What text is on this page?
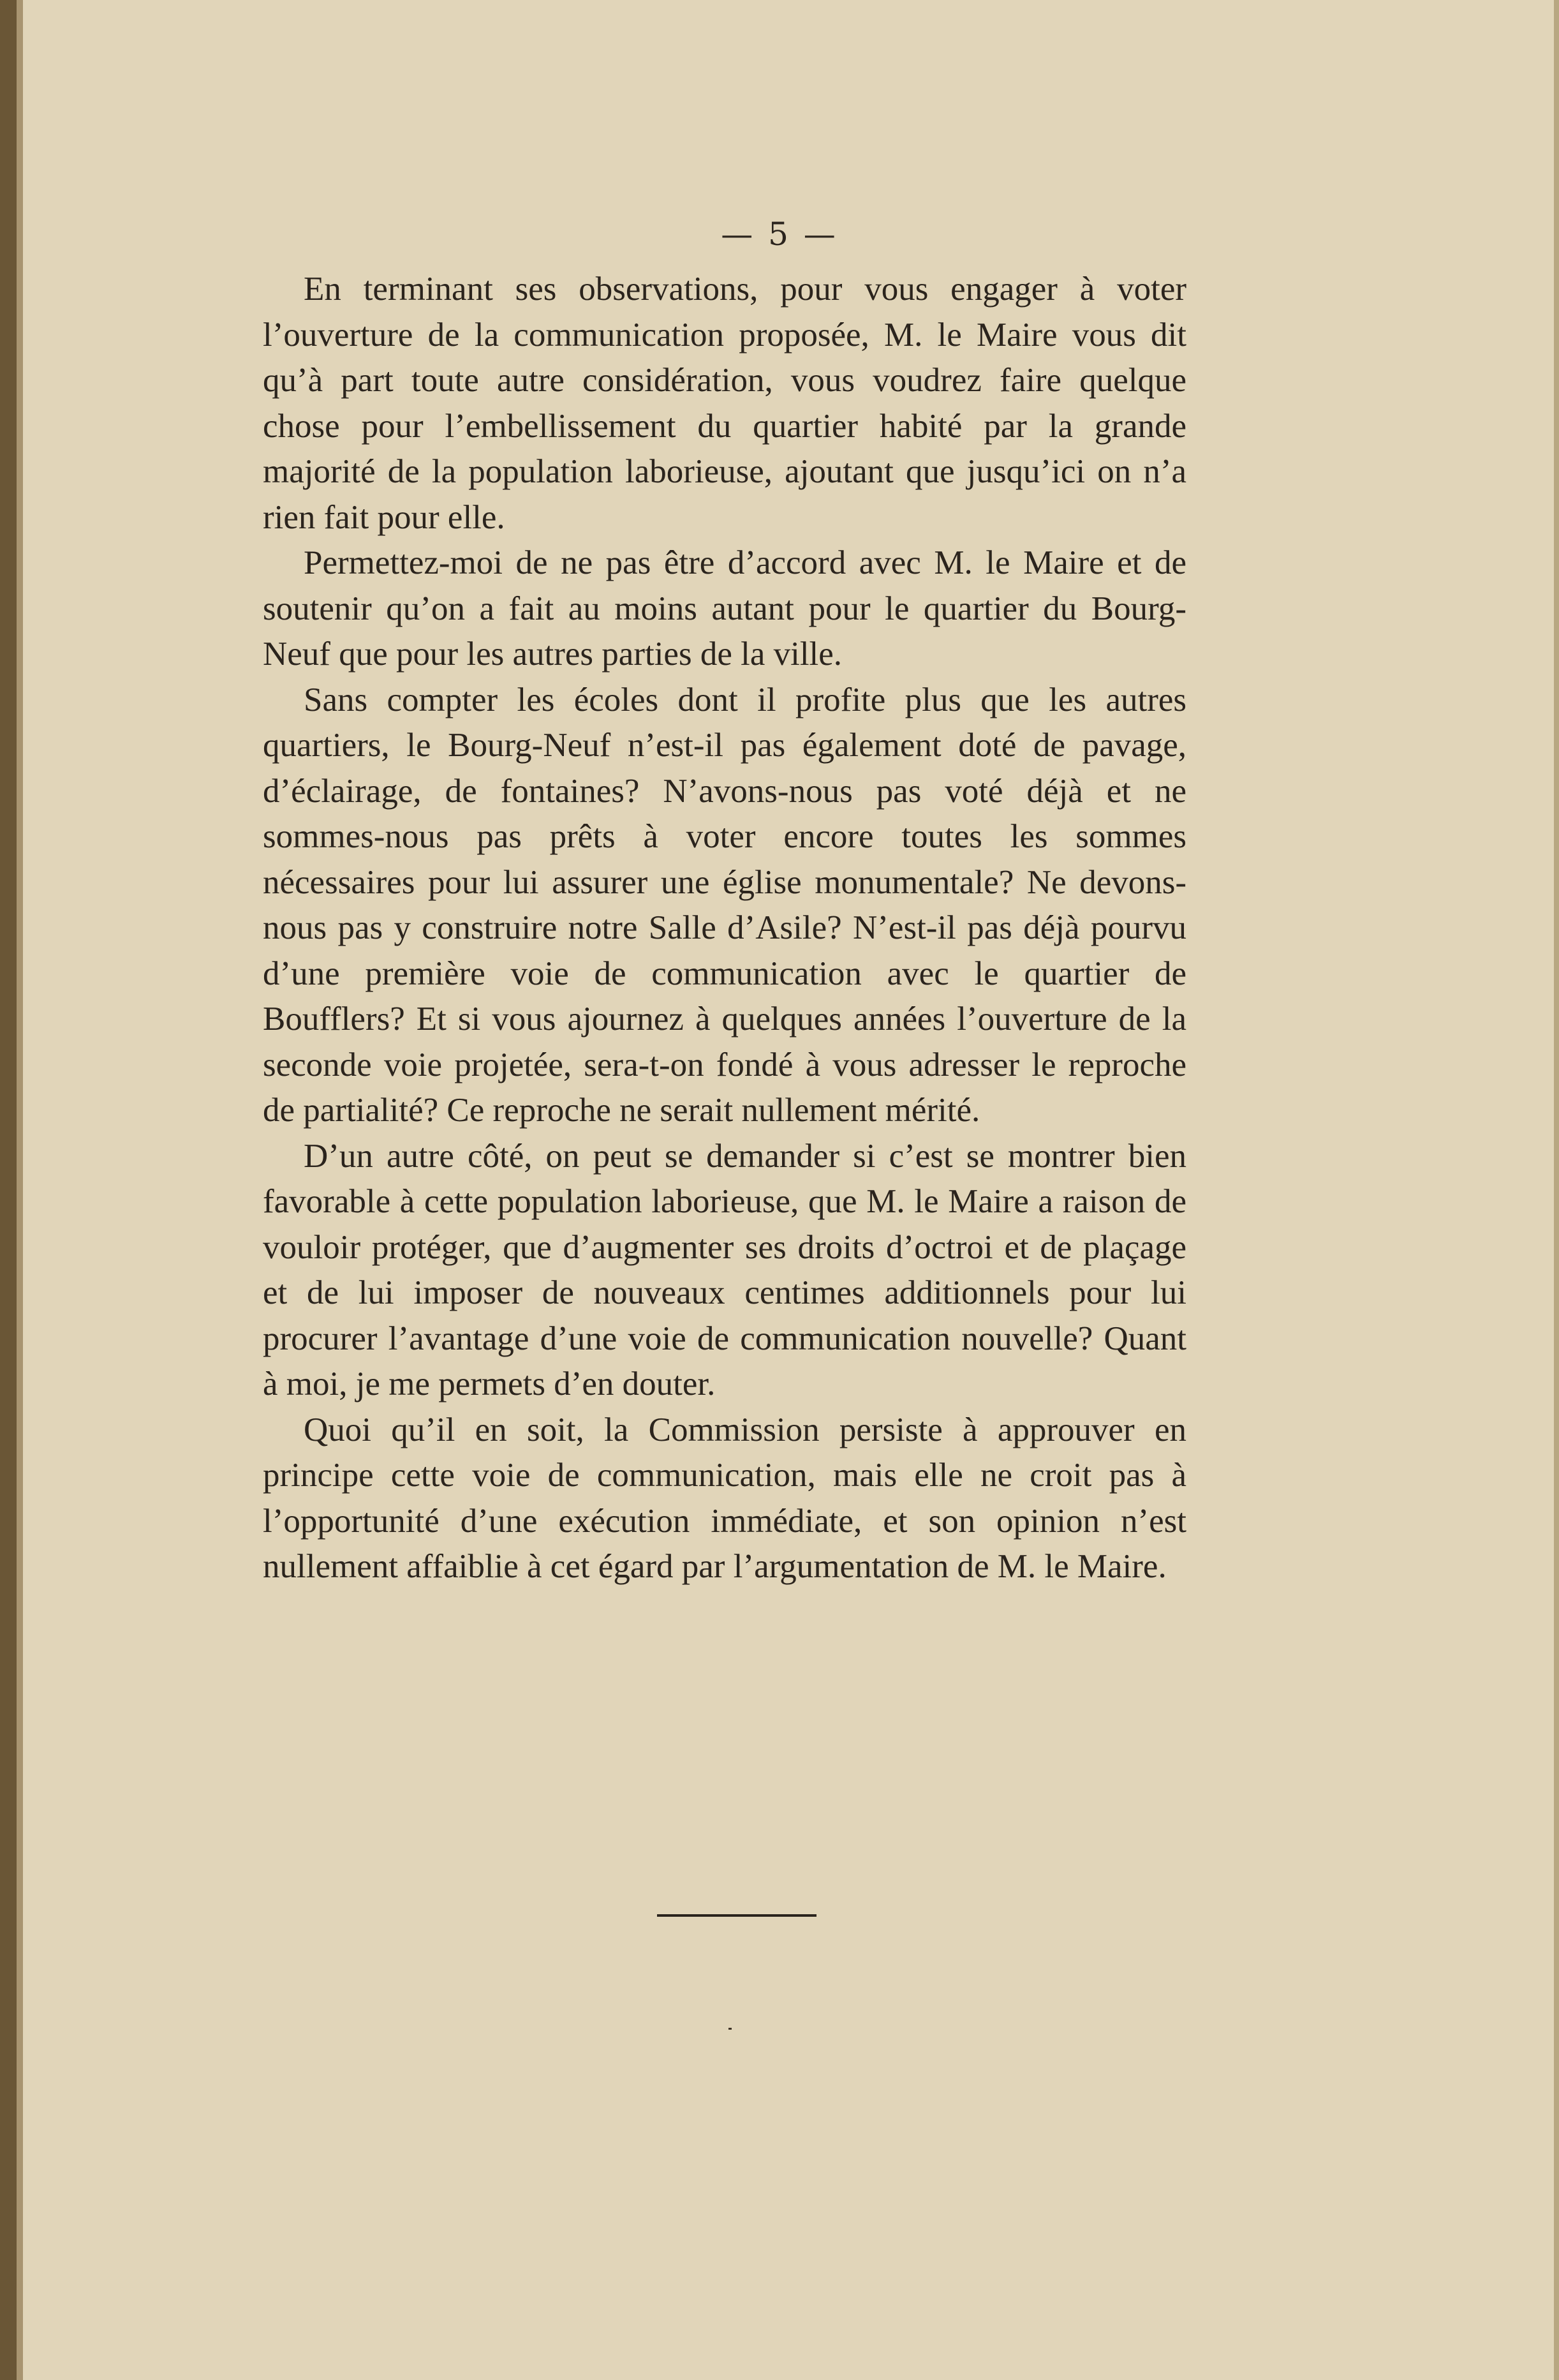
— 5 —

En terminant ses observations, pour vous engager à voter l’ouverture de la communication proposée, M. le Maire vous dit qu’à part toute autre considération, vous voudrez faire quelque chose pour l’embellissement du quartier habité par la grande majorité de la population laborieuse, ajoutant que jusqu’ici on n’a rien fait pour elle.

Permettez-moi de ne pas être d’accord avec M. le Maire et de soutenir qu’on a fait au moins autant pour le quartier du Bourg-Neuf que pour les autres parties de la ville.

Sans compter les écoles dont il profite plus que les autres quartiers, le Bourg-Neuf n’est-il pas également doté de pavage, d’éclairage, de fontaines? N’avons-nous pas voté déjà et ne sommes-nous pas prêts à voter encore toutes les sommes nécessaires pour lui assurer une église monumentale? Ne devons-nous pas y construire notre Salle d’Asile? N’est-il pas déjà pourvu d’une première voie de communication avec le quartier de Boufflers? Et si vous ajournez à quelques années l’ouverture de la seconde voie projetée, sera-t-on fondé à vous adresser le reproche de partialité? Ce reproche ne serait nullement mérité.

D’un autre côté, on peut se demander si c’est se montrer bien favorable à cette population laborieuse, que M. le Maire a raison de vouloir protéger, que d’augmenter ses droits d’octroi et de plaçage et de lui imposer de nouveaux centimes additionnels pour lui procurer l’avantage d’une voie de communication nouvelle? Quant à moi, je me permets d’en douter.

Quoi qu’il en soit, la Commission persiste à approuver en principe cette voie de communication, mais elle ne croit pas à l’opportunité d’une exécution immédiate, et son opinion n’est nullement affaiblie à cet égard par l’argumentation de M. le Maire.
